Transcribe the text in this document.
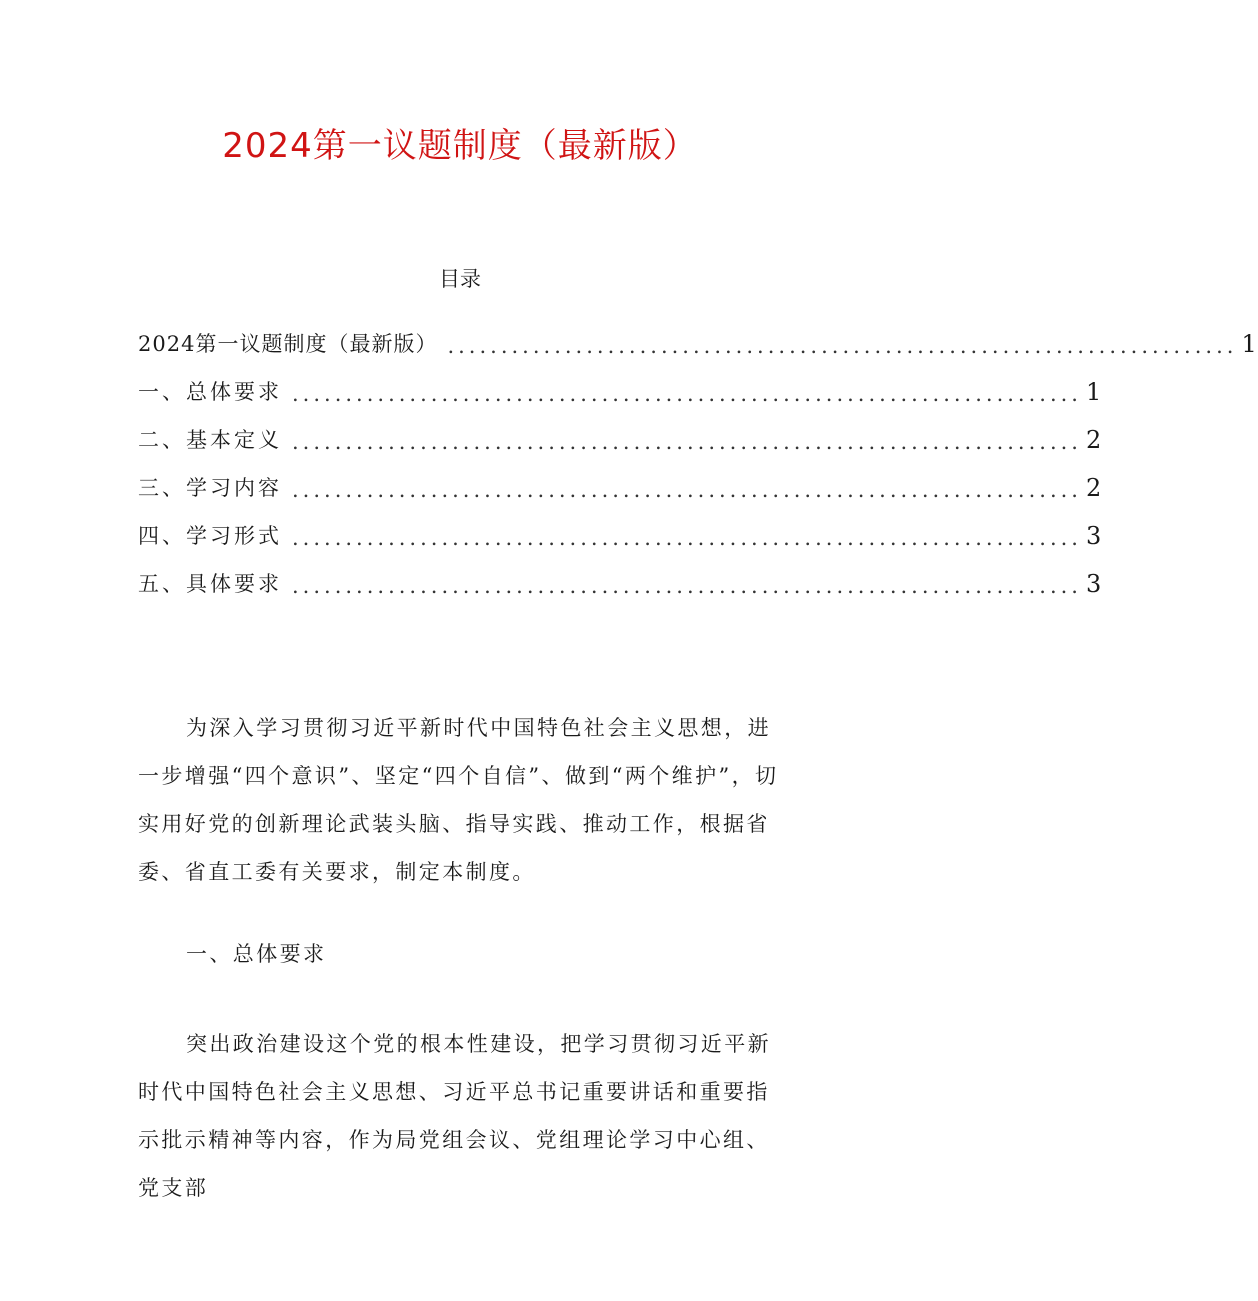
2024第一议题制度（最新版）
目录
2024第一议题制度（最新版） .......................................................................... 1
一、总体要求 .......................................................................... 1
二、基本定义 .......................................................................... 2
三、学习内容 .......................................................................... 2
四、学习形式 .......................................................................... 3
五、具体要求 .......................................................................... 3

为深入学习贯彻习近平新时代中国特色社会主义思想，进一步增强“四个意识”、坚定“四个自信”、做到“两个维护”，切实用好党的创新理论武装头脑、指导实践、推动工作，根据省委、省直工委有关要求，制定本制度。

一、总体要求

突出政治建设这个党的根本性建设，把学习贯彻习近平新时代中国特色社会主义思想、习近平总书记重要讲话和重要指示批示精神等内容，作为局党组会议、党组理论学习中心组、党支部
